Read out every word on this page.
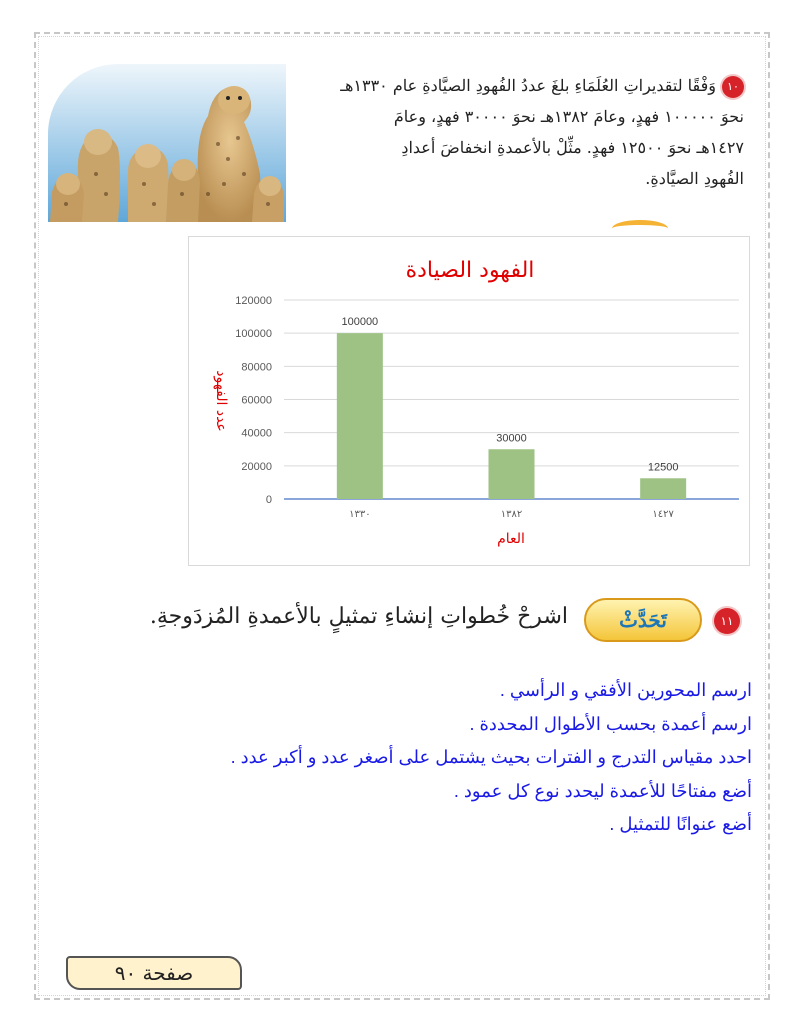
١٠وَفْقًا لتقديراتِ العُلَمَاءِ بلغَ عددُ الفُهودِ الصيَّادةِ عام ١٣٣٠هـ
نحوَ ١٠٠٠٠٠ فهدٍ، وعامَ ١٣٨٢هـ نحوَ ٣٠٠٠٠ فهدٍ، وعامَ
١٤٢٧هـ نحوَ ١٢٥٠٠ فهدٍ. مثِّلْ بالأعمدةِ انخفاضَ أعدادِ
الفُهودِ الصيَّادةِ.
الفهود الصيادة
0
20000
40000
60000
80000
100000
120000
100000
١٣٣٠
30000
١٣٨٢
12500
١٤٢٧
العام
عدد الفهود
١١
تَحَدَّثْ
اشرحْ خُطواتِ إنشاءِ تمثيلٍ بالأعمدةِ المُزدَوجةِ.
ارسم المحورين الأفقي و الرأسي .
ارسم أعمدة بحسب الأطوال المحددة .
احدد مقياس التدرج و الفترات بحيث يشتمل على أصغر عدد و أكبر عدد .
أضع مفتاحًا للأعمدة ليحدد نوع كل عمود .
أضع عنوانًا للتمثيل .
صفحة ٩٠
